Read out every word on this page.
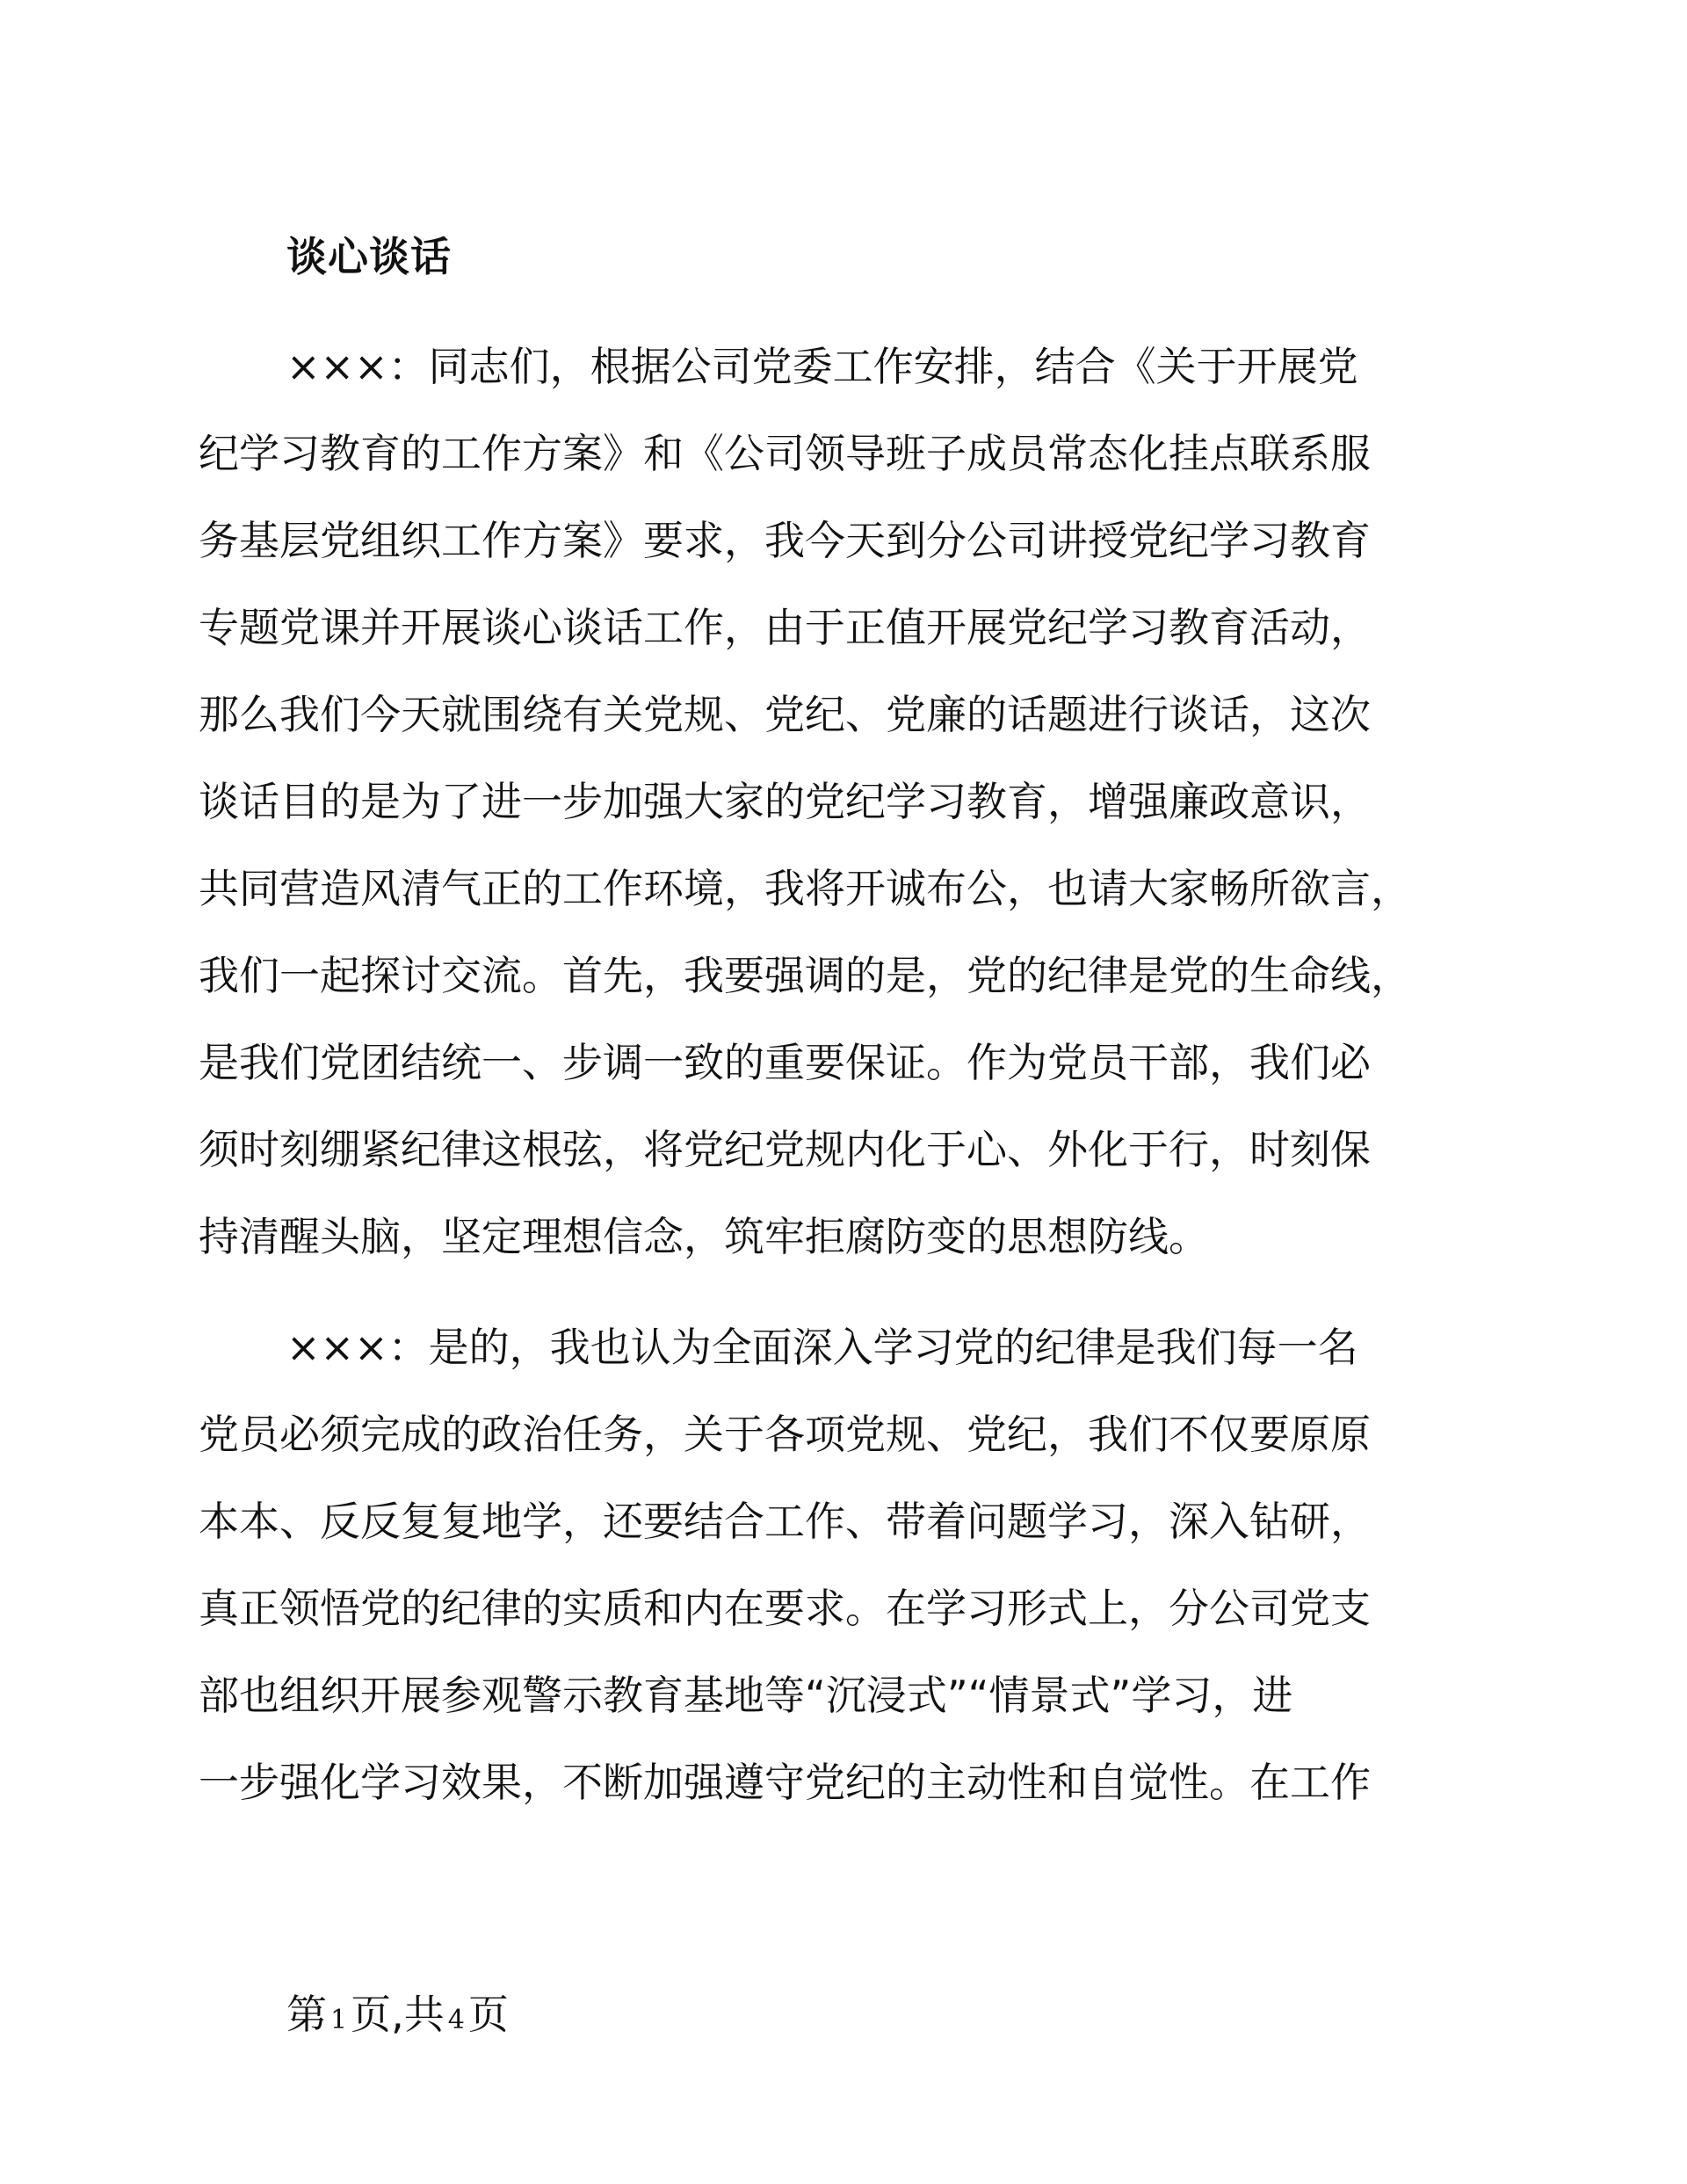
谈心谈话
×××：同志们，根据公司党委工作安排，结合《关于开展党
纪学习教育的工作方案》和《公司领导班子成员常态化挂点联系服
务基层党组织工作方案》要求，我今天到分公司讲授党纪学习教育
专题党课并开展谈心谈话工作，由于正值开展党纪学习教育活动，
那么我们今天就围绕有关党规、党纪、党廉的话题进行谈话，这次
谈话目的是为了进一步加强大家的党纪学习教育，增强廉政意识，
共同营造风清气正的工作环境，我将开诚布公，也请大家畅所欲言，
我们一起探讨交流。首先，我要强调的是，党的纪律是党的生命线，
是我们党团结统一、步调一致的重要保证。作为党员干部，我们必
须时刻绷紧纪律这根弦，将党纪党规内化于心、外化于行，时刻保
持清醒头脑，坚定理想信念，筑牢拒腐防变的思想防线。
×××：是的，我也认为全面深入学习党的纪律是我们每一名
党员必须完成的政治任务，关于各项党规、党纪，我们不仅要原原
本本、反反复复地学，还要结合工作、带着问题学习，深入钻研，
真正领悟党的纪律的实质和内在要求。在学习形式上，分公司党支
部也组织开展参观警示教育基地等“沉浸式”“情景式”学习，进
一步强化学习效果，不断加强遵守党纪的主动性和自觉性。在工作
第 1页,共 4页
